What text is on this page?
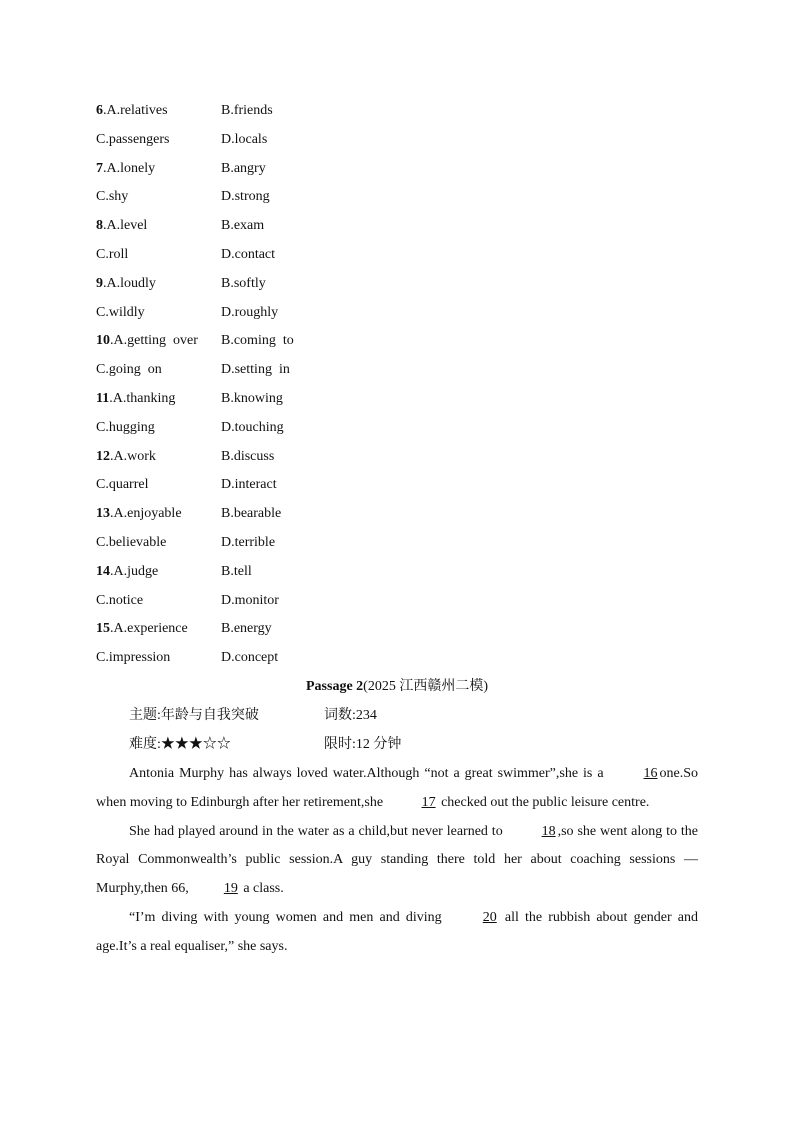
6.A.relatives	B.friends
C.passengers	D.locals
7.A.lonely	B.angry
C.shy	D.strong
8.A.level	B.exam
C.roll	D.contact
9.A.loudly	B.softly
C.wildly	D.roughly
10.A.getting  over	B.coming  to
C.going  on	D.setting  in
11.A.thanking	B.knowing
C.hugging	D.touching
12.A.work	B.discuss
C.quarrel	D.interact
13.A.enjoyable	B.bearable
C.believable	D.terrible
14.A.judge	B.tell
C.notice	D.monitor
15.A.experience	B.energy
C.impression	D.concept
Passage 2(2025 江西赣州二模)
主题:年龄与自我突破	词数:234
难度:★★★☆☆	限时:12 分钟

Antonia Murphy has always loved water.Although “not a great swimmer”,she is a	16 one.So when moving to Edinburgh after her retirement,she	17 checked out the public leisure centre.

She had played around in the water as a child,but never learned to	18 ,so she went along to the Royal Commonwealth’s public session.A guy standing there told her about coaching sessions —Murphy,then 66,	19 a class.

“I’m diving with young women and men and diving	20 all the rubbish about gender and age.It’s a real equaliser,” she says.
